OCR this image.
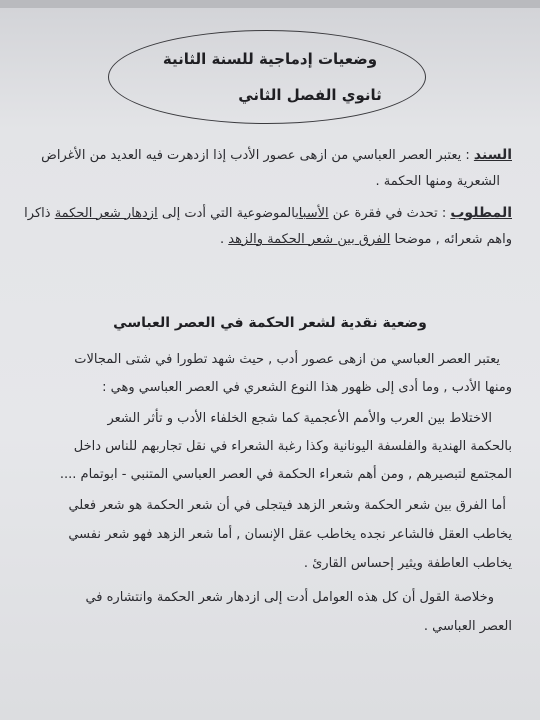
وضعيات إدماجية للسنة الثانية
ثانوي الفصل الثاني
السند : يعتبر العصر العباسي من ازهى عصور الأدب إذا ازدهرت فيه العديد من الأغراض
الشعرية ومنها الحكمة .
المطلوب : تحدث في فقرة عن الأسبابالموضوعية التي أدت إلى ازدهار شعر الحكمة ذاكرا
واهم شعرائه , موضحا الفرق بين شعر الحكمة والزهد .
وضعية نقدية لشعر الحكمة في العصر العباسي
يعتبر العصر العباسي من ازهى عصور أدب , حيث شهد تطورا في شتى المجالات
ومنها الأدب , وما أدى إلى ظهور هذا النوع الشعري في العصر العباسي وهي :
الاختلاط بين العرب والأمم الأعجمية كما شجع الخلفاء الأدب و تأثر الشعر
بالحكمة الهندية والفلسفة اليونانية وكذا رغبة الشعراء في نقل تجاربهم للناس داخل
المجتمع لتبصيرهم , ومن أهم شعراء الحكمة في العصر العباسي المتنبي - ابوتمام ....
أما الفرق بين شعر الحكمة وشعر الزهد فيتجلى في أن شعر الحكمة هو شعر فعلي
يخاطب العقل فالشاعر نجده يخاطب عقل الإنسان , أما شعر الزهد فهو شعر نفسي
يخاطب العاطفة ويثير إحساس القارئ .
وخلاصة القول أن كل هذه العوامل أدت إلى ازدهار شعر الحكمة وانتشاره في
العصر العباسي .
